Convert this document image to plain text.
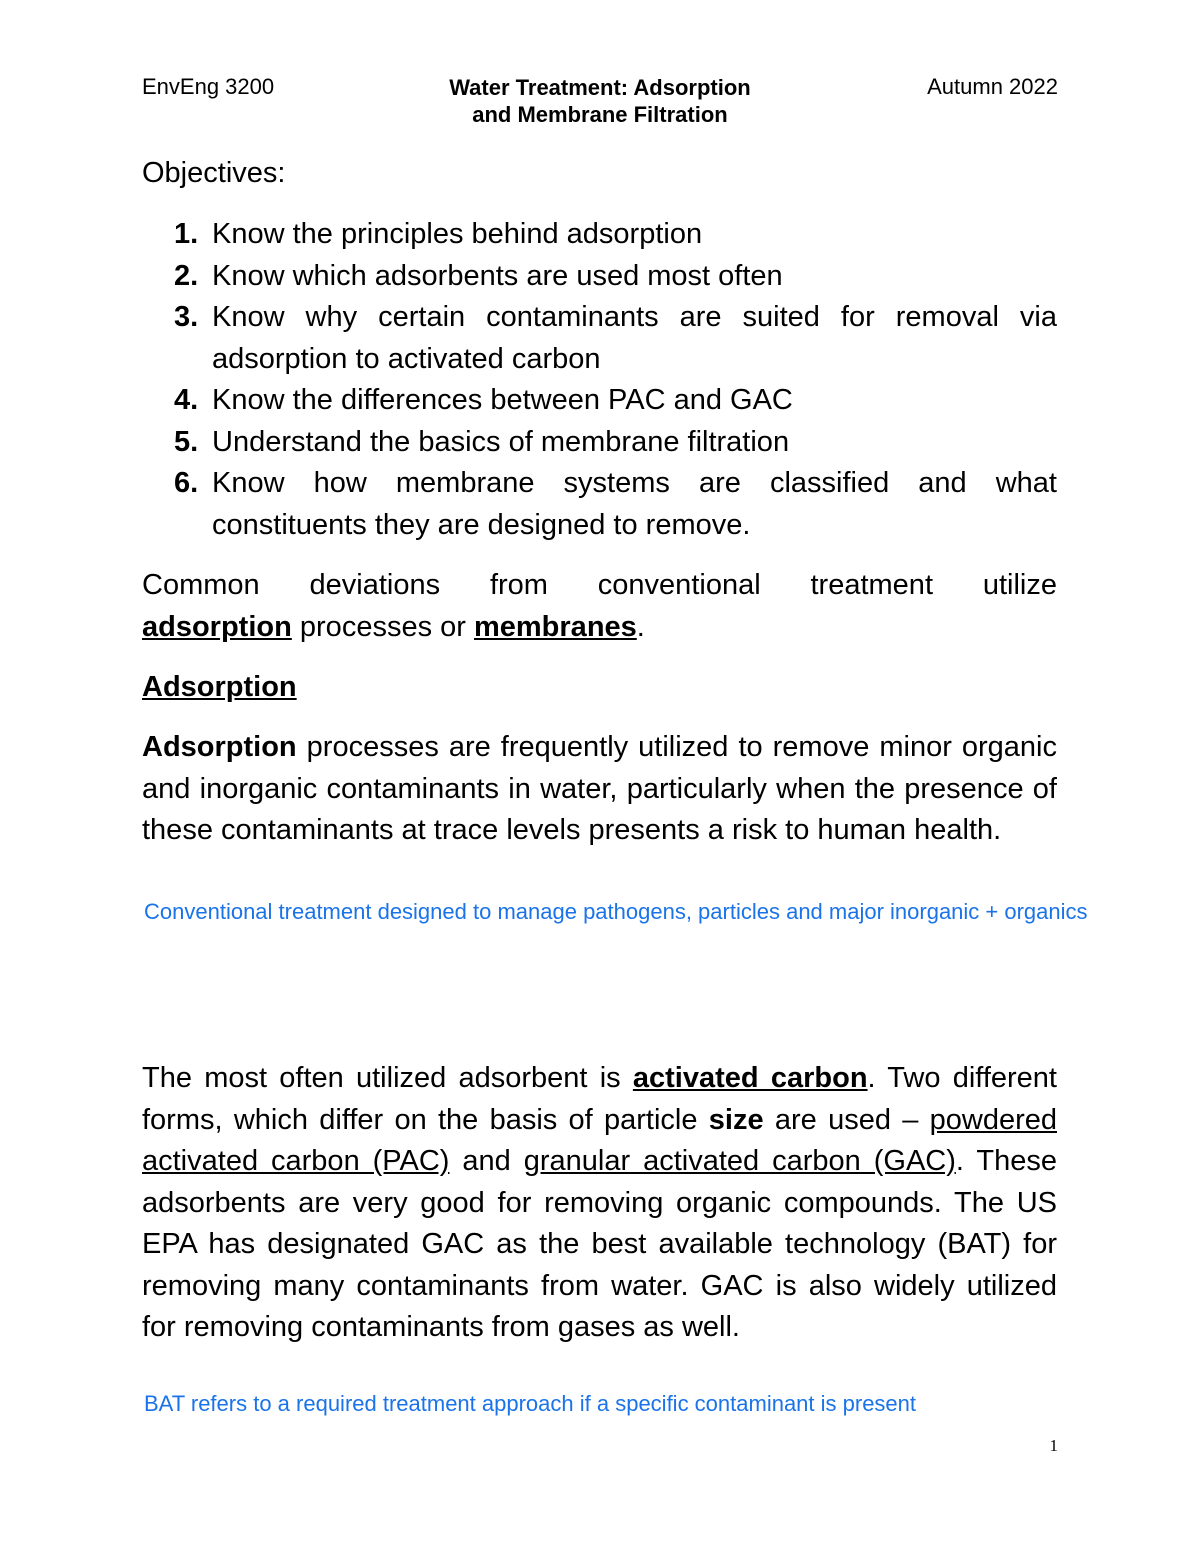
EnvEng 3200	Water Treatment: Adsorption
and Membrane Filtration
Autumn 2022
Objectives:
1. Know the principles behind adsorption
2. Know which adsorbents are used most often
3. Know why certain contaminants are suited for removal via adsorption to activated carbon
4. Know the differences between PAC and GAC
5. Understand the basics of membrane filtration
6. Know how membrane systems are classified and what constituents they are designed to remove.
Common deviations from conventional treatment utilize
adsorption processes or membranes.
Adsorption
Adsorption processes are frequently utilized to remove minor organic and inorganic contaminants in water, particularly when the presence of these contaminants at trace levels presents a risk to human health.
Conventional treatment designed to manage pathogens, particles and major inorganic + organics
The most often utilized adsorbent is activated carbon. Two different forms, which differ on the basis of particle size are used – powdered activated carbon (PAC) and granular activated carbon (GAC). These adsorbents are very good for removing organic compounds. The US EPA has designated GAC as the best available technology (BAT) for removing many contaminants from water. GAC is also widely utilized for removing contaminants from gases as well.
BAT refers to a required treatment approach if a specific contaminant is present
1
